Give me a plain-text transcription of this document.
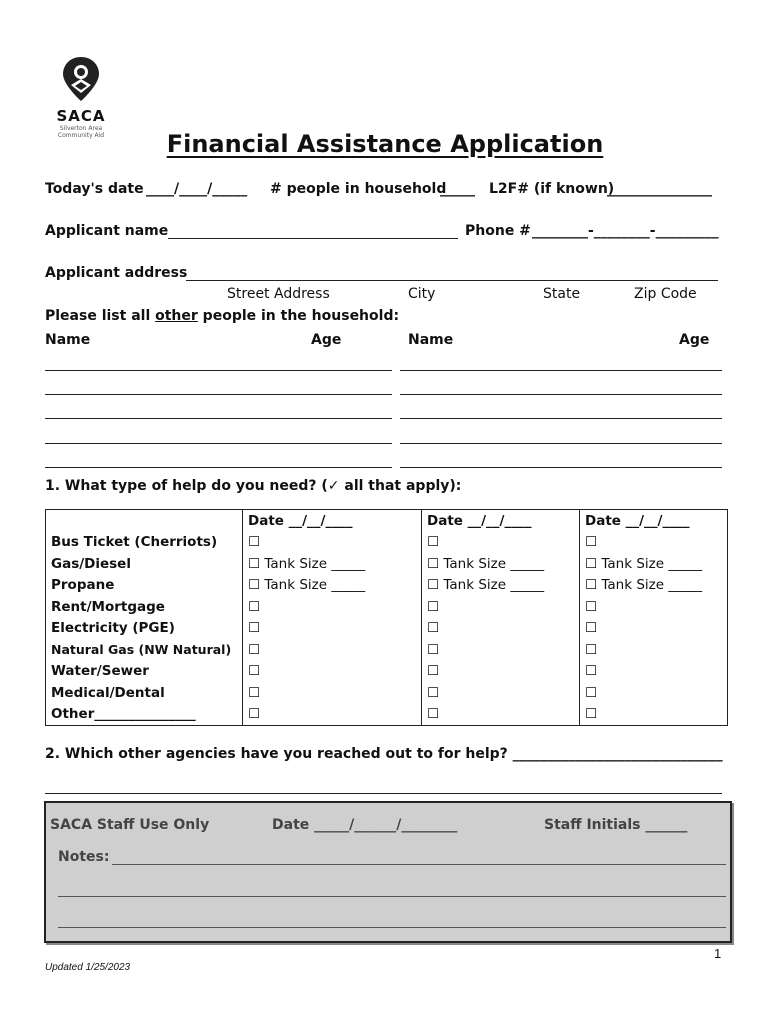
SACA
Silverton Area
Community Aid	Financial Assistance Application
Today's date ____/____/_____ # people in household
_____ L2F# (if known)
_______________
Applicant name	Phone # ________-________-_________
Applicant address
Street Address	City	State	Zip Code
Please list all other people in the household:
Name	Age	Name	Age
1. What type of help do you need? (✓ all that apply):
	Date __/__/____	Date __/__/____	Date __/__/____
Bus Ticket (Cherriots)	☐	☐	☐
Gas/Diesel	☐ Tank Size _____	☐ Tank Size _____	☐ Tank Size _____
Propane	☐ Tank Size _____	☐ Tank Size _____	☐ Tank Size _____
Rent/Mortgage	☐	☐	☐
Electricity (PGE)	☐	☐	☐
Natural Gas (NW Natural)	☐	☐	☐
Water/Sewer	☐	☐	☐
Medical/Dental	☐	☐	☐
Other_______________	☐	☐	☐
2. Which other agencies have you reached out to for help? ______________________________
SACA Staff Use Only	Date _____/______/________	Staff Initials ______
Notes:
1
Updated 1/25/2023
